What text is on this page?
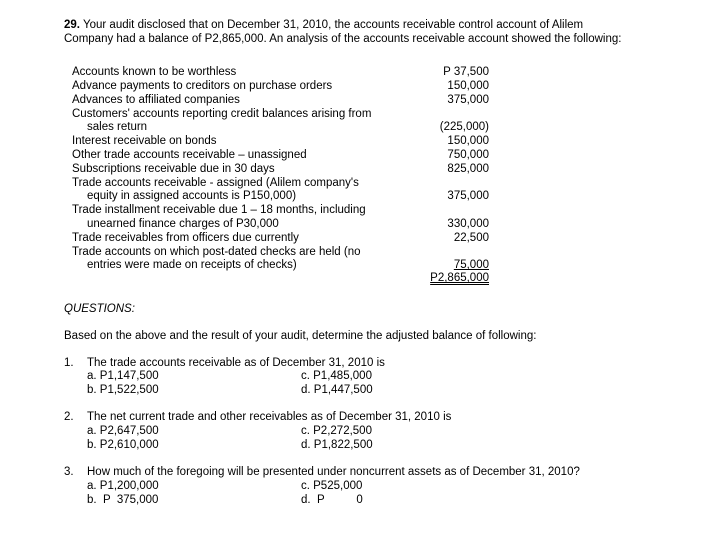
29. Your audit disclosed that on December 31, 2010, the accounts receivable control account of Alilem Company had a balance of P2,865,000. An analysis of the accounts receivable account showed the following:
Accounts known to be worthless	P 37,500
Advance payments to creditors on purchase orders	150,000
Advances to affiliated companies	375,000
Customers' accounts reporting credit balances arising from
sales return	(225,000)
Interest receivable on bonds	150,000
Other trade accounts receivable – unassigned	750,000
Subscriptions receivable due in 30 days	825,000
Trade accounts receivable - assigned (Alilem company's
equity in assigned accounts is P150,000)	375,000
Trade installment receivable due 1 – 18 months, including
unearned finance charges of P30,000	330,000
Trade receivables from officers due currently	22,500
Trade accounts on which post-dated checks are held (no
entries were made on receipts of checks)	75,000
P2,865,000
QUESTIONS:
Based on the above and the result of your audit, determine the adjusted balance of following:
1. The trade accounts receivable as of December 31, 2010 is
a. P1,147,500	c. P1,485,000
b. P1,522,500	d. P1,447,500
2. The net current trade and other receivables as of December 31, 2010 is
a. P2,647,500	c. P2,272,500
b. P2,610,000	d. P1,822,500
3. How much of the foregoing will be presented under noncurrent assets as of December 31, 2010?
a. P1,200,000	c. P525,000
b.  P  375,000	d.  P          0
